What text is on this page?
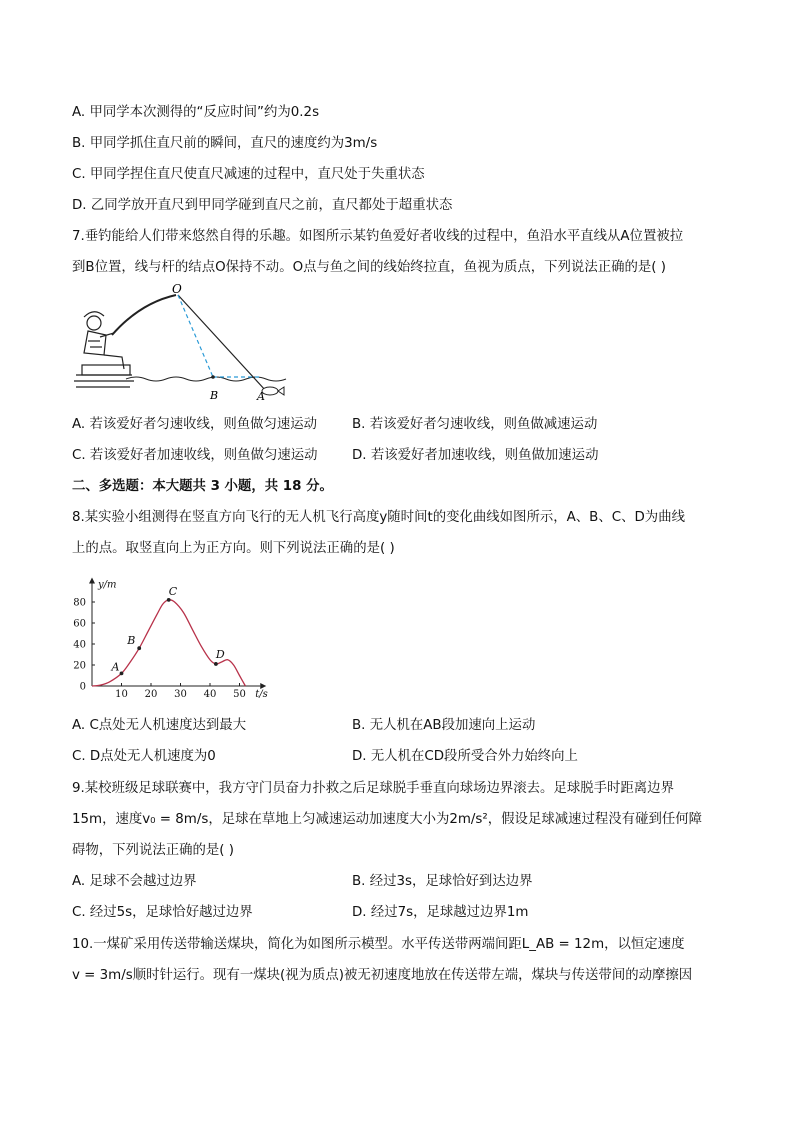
A. 甲同学本次测得的“反应时间”约为0.2s
B. 甲同学抓住直尺前的瞬间，直尺的速度约为3m/s
C. 甲同学捏住直尺使直尺减速的过程中，直尺处于失重状态
D. 乙同学放开直尺到甲同学碰到直尺之前，直尺都处于超重状态
7.垂钓能给人们带来悠然自得的乐趣。如图所示某钓鱼爱好者收线的过程中，鱼沿水平直线从A位置被拉
到B位置，线与杆的结点O保持不动。O点与鱼之间的线始终拉直，鱼视为质点，下列说法正确的是( )
O
B	A
A. 若该爱好者匀速收线，则鱼做匀速运动	B. 若该爱好者匀速收线，则鱼做减速运动
C. 若该爱好者加速收线，则鱼做匀速运动	D. 若该爱好者加速收线，则鱼做加速运动
二、多选题：本大题共 3 小题，共 18 分。
8.某实验小组测得在竖直方向飞行的无人机飞行高度y随时间t的变化曲线如图所示，A、B、C、D为曲线
上的点。取竖直向上为正方向。则下列说法正确的是( )
10 20 30 40 50
0
20
40
60
80
y/m
t/s
A
B
C
D
A. C点处无人机速度达到最大	B. 无人机在AB段加速向上运动
C. D点处无人机速度为0	D. 无人机在CD段所受合外力始终向上
9.某校班级足球联赛中，我方守门员奋力扑救之后足球脱手垂直向球场边界滚去。足球脱手时距离边界
15m，速度v₀ = 8m/s，足球在草地上匀减速运动加速度大小为2m/s²，假设足球减速过程没有碰到任何障
碍物，下列说法正确的是( )
A. 足球不会越过边界	B. 经过3s，足球恰好到达边界
C. 经过5s，足球恰好越过边界	D. 经过7s，足球越过边界1m
10.一煤矿采用传送带输送煤块，简化为如图所示模型。水平传送带两端间距L_AB = 12m，以恒定速度
v = 3m/s顺时针运行。现有一煤块(视为质点)被无初速度地放在传送带左端，煤块与传送带间的动摩擦因
